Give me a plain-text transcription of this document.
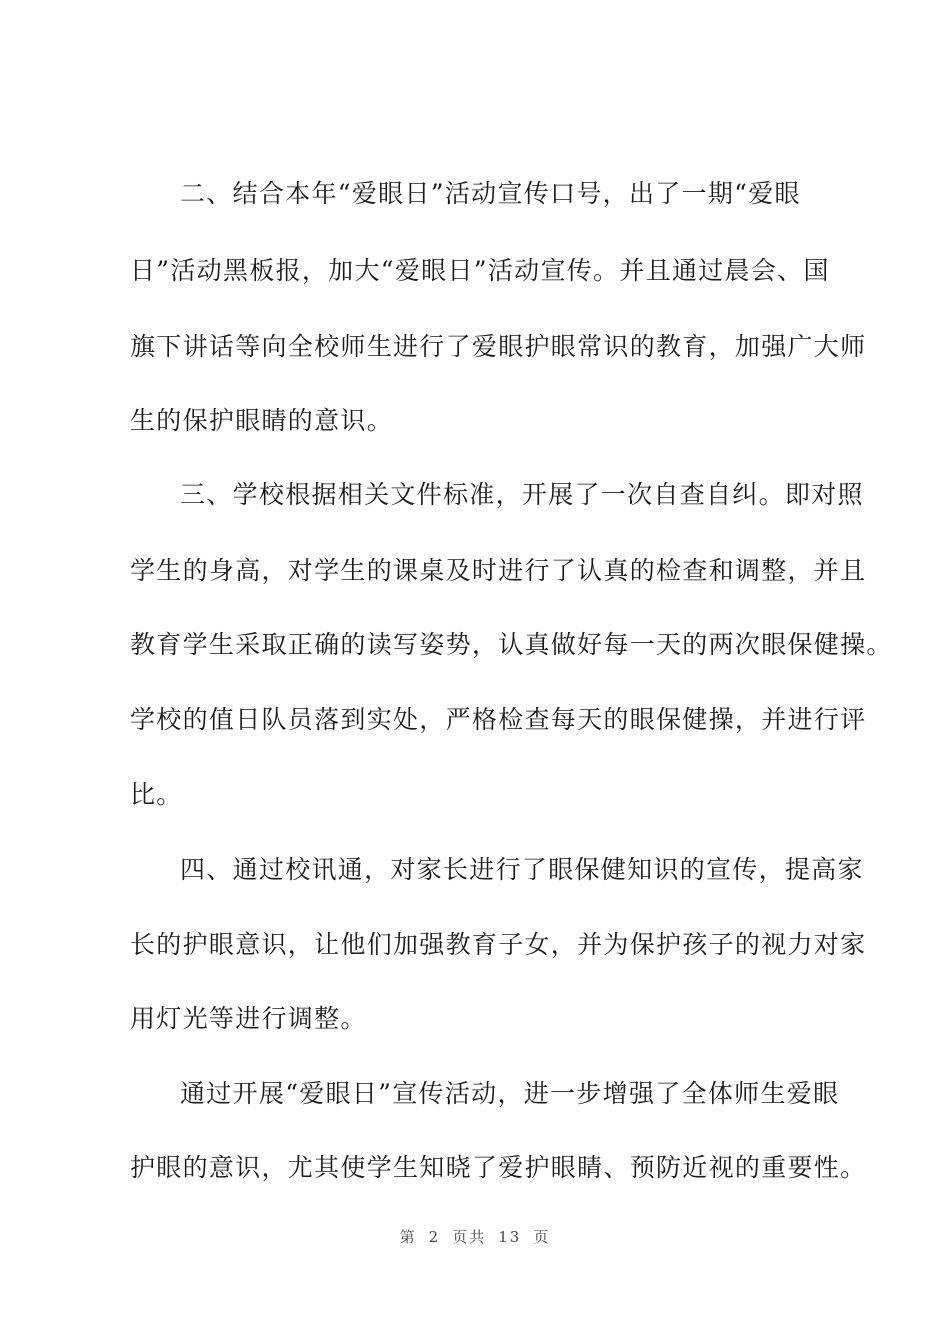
二、结合本年“爱眼日”活动宣传口号，出了一期“爱眼
日”活动黑板报，加大“爱眼日”活动宣传。并且通过晨会、国
旗下讲话等向全校师生进行了爱眼护眼常识的教育，加强广大师
生的保护眼睛的意识。
三、学校根据相关文件标准，开展了一次自查自纠。即对照
学生的身高，对学生的课桌及时进行了认真的检查和调整，并且
教育学生采取正确的读写姿势，认真做好每一天的两次眼保健操。
学校的值日队员落到实处，严格检查每天的眼保健操，并进行评
比。
四、通过校讯通，对家长进行了眼保健知识的宣传，提高家
长的护眼意识，让他们加强教育子女，并为保护孩子的视力对家
用灯光等进行调整。
通过开展“爱眼日”宣传活动，进一步增强了全体师生爱眼
护眼的意识，尤其使学生知晓了爱护眼睛、预防近视的重要性。
第 2 页共 13 页
